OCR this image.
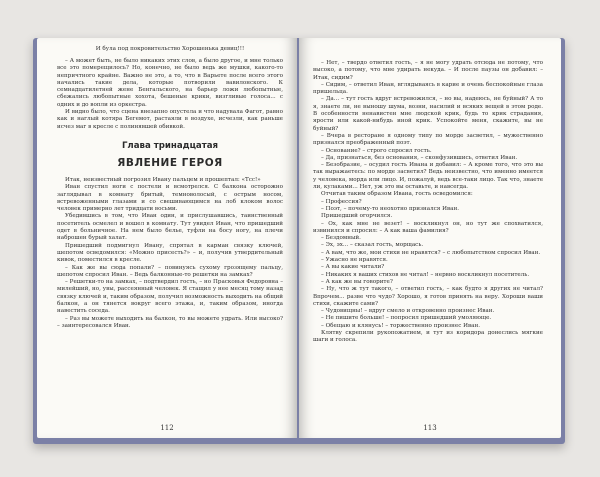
И була под покровительство Хорошенька девиц!!!

– А может быть, не было никаких этих слов, а было другое, и мне только все это померещилось? Но, конечно, не было ведь же мушки, какого-то непричтного крайне. Важно не это, а то, что в Варьете после всего этого начались такие дела, которые потворили вавилонского. К семнадцатилетней жене Бенгальского, на барьер ложи любопытные, сбежались любопытные хохота, бешеные крики, визгливые голоса... с одних и до вопли из оркестра.

И видно было, что сцена внезапно опустела и что надувала Фагот, равно как и наглый котяра Бегемот, растаяли в воздухе, исчезли, как раньше исчез маг в кресле с полинявшей обивкой.

Глава тринадцатая
ЯВЛЕНИЕ ГЕРОЯ

Итак, неизвестный погрозил Ивану пальцем и прошептал: «Тсс!»

Иван спустил ноги с постели и всмотрелся. С балкона осторожно заглядывал в комнату бритый, темноволосый, с острым носом, встревоженными глазами и со свешивающимся на лоб клоком волос человек примерно лет тридцати восьми.

Убедившись в том, что Иван один, и прислушавшись, таинственный посетитель осмелел и вошел в комнату. Тут увидел Иван, что пришедший одет в больничное. На нем было белье, туфли на босу ногу, на плечи наброшен бурый халат.

Пришедший подмигнул Ивану, спрятал в карман связку ключей, шепотом осведомился: «Можно присесть?» – и, получив утвердительный кивок, поместился в кресле.

– Как же вы сюда попали? – повинуясь сухому грозящему пальцу, шепотом спросил Иван. – Ведь балконные-то решетки на замках?

– Решетки-то на замках, – подтвердил гость, – но Прасковья Федоровна – милейший, но, увы, рассеянный человек. Я стащил у нее месяц тому назад связку ключей и, таким образом, получил возможность выходить на общий балкон, а он тянется вокруг всего этажа, и, таким образом, иногда навестить соседа.

– Раз вы можете выходить на балкон, то вы можете удрать. Или высоко? – заинтересовался Иван.

112

– Нет, – твердо ответил гость, – я не могу удрать отсюда не потому, что высоко, а потому, что мне удирать некуда. – И после паузы он добавил: – Итак, сидим?

– Сидим, – ответил Иван, вглядываясь в карие и очень беспокойные глаза пришельца.

– Да... – тут гость вдруг встревожился, – но вы, надеюсь, не буйный? А то я, знаете ли, не выношу шума, возни, насилий и всяких вещей в этом роде. В особенности ненавистен мне людской крик, будь то крик страдания, ярости или какой-нибудь иной крик. Успокойте меня, скажите, вы не буйный?

– Вчера в ресторане я одному типу по морде засветил, – мужественно признался преображенный поэт.

– Основание? – строго спросил гость.

– Да, признаться, без основания, – сконфузившись, ответил Иван.

– Безобразие, – осудил гость Ивана и добавил: – А кроме того, что это вы так выражаетесь: по морде засветил? Ведь неизвестно, что именно имеется у человека, морда или лицо. И, пожалуй, ведь все-таки лицо. Так что, знаете ли, кулаками... Нет, уж это вы оставьте, и навсегда.

Отчитав таким образом Ивана, гость осведомился:

– Профессия?

– Поэт, – почему-то неохотно признался Иван.

Пришедший огорчился.

– Ох, как мне не везет! – воскликнул он, но тут же спохватился, извинился и спросил: – А как ваша фамилия?

– Бездомный.

– Эх, эх... – сказал гость, морщась.

– А вам, что же, мои стихи не нравятся? – с любопытством спросил Иван.

– Ужасно не нравятся.

– А вы какие читали?

– Никаких я ваших стихов не читал! – нервно воскликнул посетитель.

– А как же вы говорите?

– Ну, что ж тут такого, – ответил гость, – как будто я других не читал? Впрочем... разве что чудо? Хорошо, я готов принять на веру. Хороши ваши стихи, скажите сами?

– Чудовищны! – вдруг смело и откровенно произнес Иван.

– Не пишите больше! – попросил пришедший умоляюще.

– Обещаю и клянусь! – торжественно произнес Иван.

Клятву скрепили рукопожатием, и тут из коридора донеслись мягкие шаги и голоса.

113
